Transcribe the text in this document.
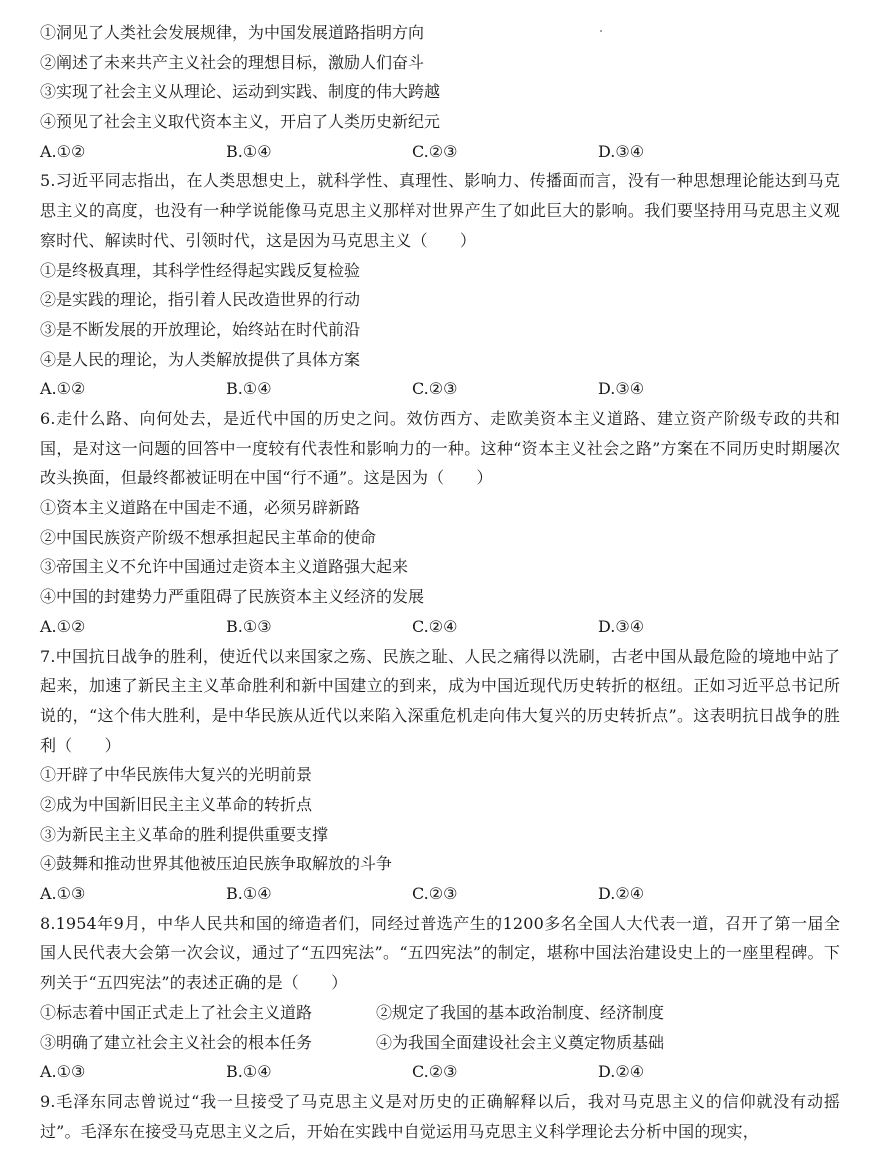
①洞见了人类社会发展规律，为中国发展道路指明方向
②阐述了未来共产主义社会的理想目标，激励人们奋斗
③实现了社会主义从理论、运动到实践、制度的伟大跨越
④预见了社会主义取代资本主义，开启了人类历史新纪元
A.①②	B.①④	C.②③	D.③④
5.习近平同志指出，在人类思想史上，就科学性、真理性、影响力、传播面而言，没有一种思想理论能达到马克思主义的高度，也没有一种学说能像马克思主义那样对世界产生了如此巨大的影响。我们要坚持用马克思主义观察时代、解读时代、引领时代，这是因为马克思主义（　　）
①是终极真理，其科学性经得起实践反复检验
②是实践的理论，指引着人民改造世界的行动
③是不断发展的开放理论，始终站在时代前沿
④是人民的理论，为人类解放提供了具体方案
A.①②	B.①④	C.②③	D.③④
6.走什么路、向何处去，是近代中国的历史之问。效仿西方、走欧美资本主义道路、建立资产阶级专政的共和国，是对这一问题的回答中一度较有代表性和影响力的一种。这种“资本主义社会之路”方案在不同历史时期屡次改头换面，但最终都被证明在中国“行不通”。这是因为（　　）
①资本主义道路在中国走不通，必须另辟新路
②中国民族资产阶级不想承担起民主革命的使命
③帝国主义不允许中国通过走资本主义道路强大起来
④中国的封建势力严重阻碍了民族资本主义经济的发展
A.①②	B.①③	C.②④	D.③④
7.中国抗日战争的胜利，使近代以来国家之殇、民族之耻、人民之痛得以洗刷，古老中国从最危险的境地中站了起来，加速了新民主主义革命胜利和新中国建立的到来，成为中国近现代历史转折的枢纽。正如习近平总书记所说的，“这个伟大胜利，是中华民族从近代以来陷入深重危机走向伟大复兴的历史转折点”。这表明抗日战争的胜利（　　）
①开辟了中华民族伟大复兴的光明前景
②成为中国新旧民主主义革命的转折点
③为新民主主义革命的胜利提供重要支撑
④鼓舞和推动世界其他被压迫民族争取解放的斗争
A.①③	B.①④	C.②③	D.②④
8.1954年9月，中华人民共和国的缔造者们，同经过普选产生的1200多名全国人大代表一道，召开了第一届全国人民代表大会第一次会议，通过了“五四宪法”。“五四宪法”的制定，堪称中国法治建设史上的一座里程碑。下列关于“五四宪法”的表述正确的是（　　）
①标志着中国正式走上了社会主义道路	②规定了我国的基本政治制度、经济制度
③明确了建立社会主义社会的根本任务	④为我国全面建设社会主义奠定物质基础
A.①③	B.①④	C.②③	D.②④
9.毛泽东同志曾说过“我一旦接受了马克思主义是对历史的正确解释以后，我对马克思主义的信仰就没有动摇过”。毛泽东在接受马克思主义之后，开始在实践中自觉运用马克思主义科学理论去分析中国的现实，
